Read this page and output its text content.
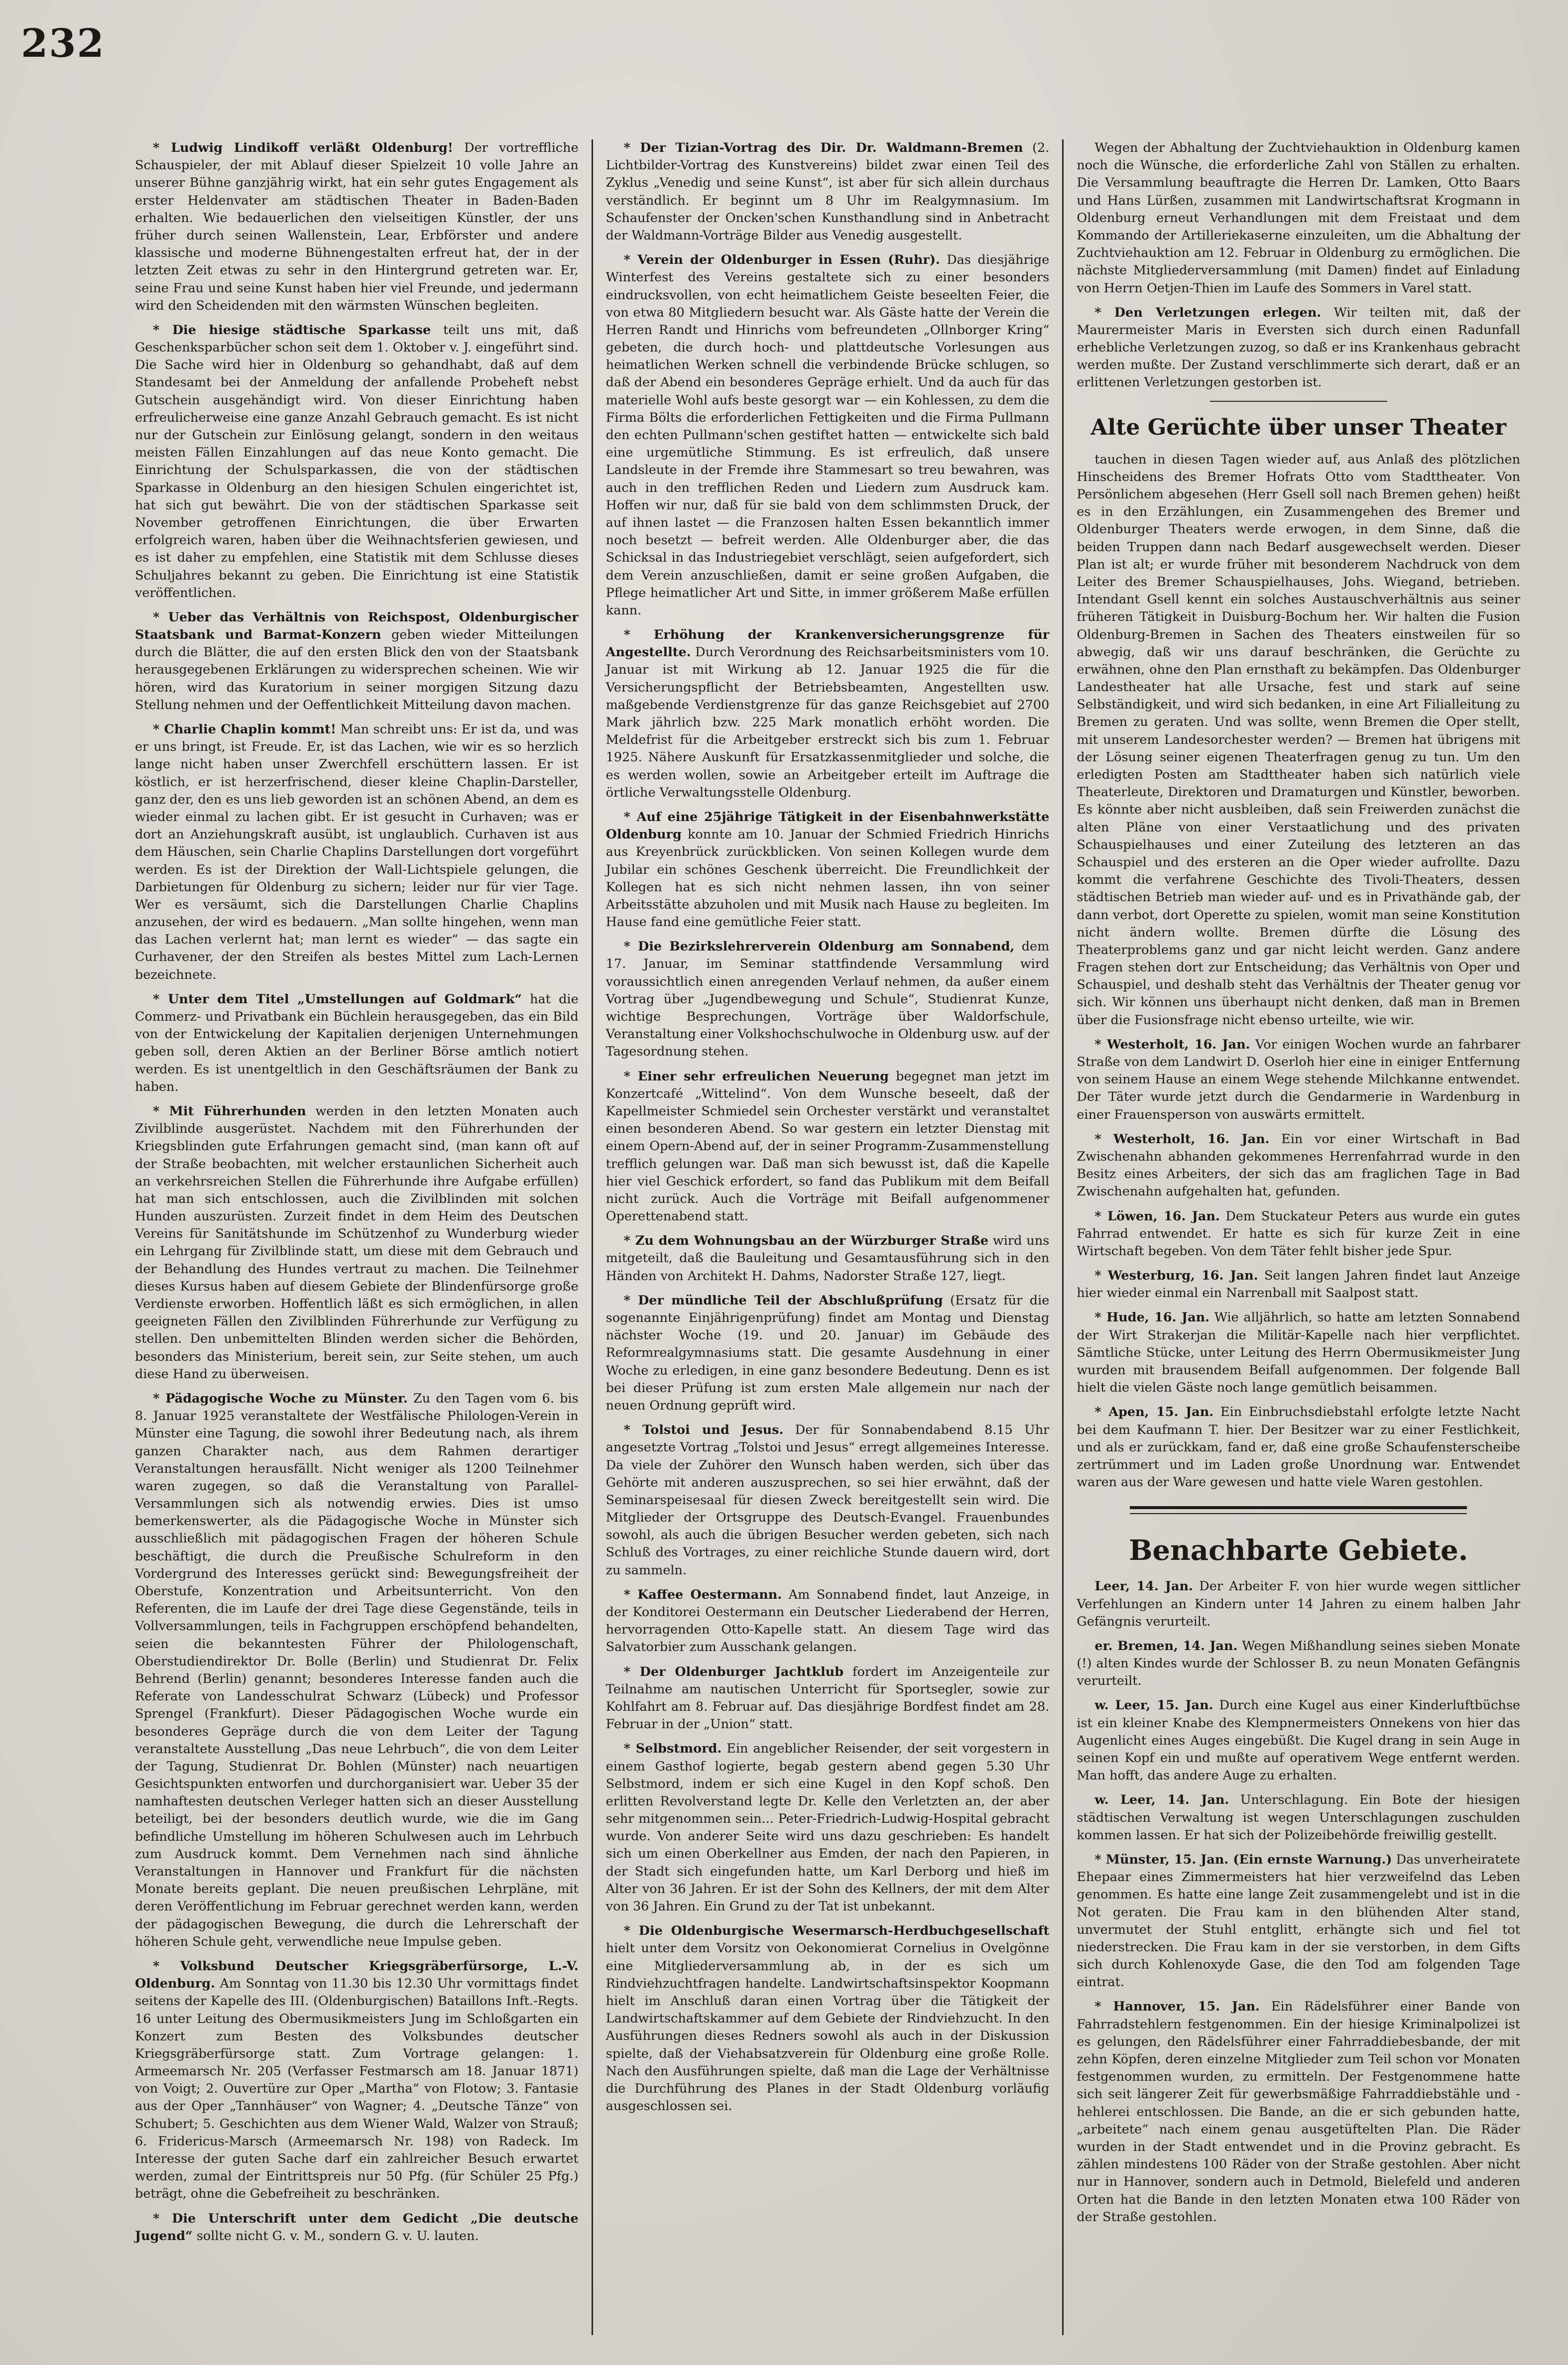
232

* Ludwig Lindikoff verläßt Oldenburg! Der vortreffliche Schauspieler, der mit Ablauf dieser Spielzeit 10 volle Jahre an unserer Bühne ganzjährig wirkt, hat ein sehr gutes Engagement als erster Heldenvater am städtischen Theater in Baden-Baden erhalten. Wie bedauerlichen den vielseitigen Künstler, der uns früher durch seinen Wallenstein, Lear, Erbförster und andere klassische und moderne Bühnengestalten erfreut hat, der in der letzten Zeit etwas zu sehr in den Hintergrund getreten war. Er, seine Frau und seine Kunst haben hier viel Freunde, und jedermann wird den Scheidenden mit den wärmsten Wünschen begleiten.

* Die hiesige städtische Sparkasse teilt uns mit, daß Geschenksparbücher schon seit dem 1. Oktober v. J. eingeführt sind. Die Sache wird hier in Oldenburg so gehandhabt, daß auf dem Standesamt bei der Anmeldung der anfallende Probeheft nebst Gutschein ausgehändigt wird. Von dieser Einrichtung haben erfreulicherweise eine ganze Anzahl Gebrauch gemacht. Es ist nicht nur der Gutschein zur Einlösung gelangt, sondern in den weitaus meisten Fällen Einzahlungen auf das neue Konto gemacht. Die Einrichtung der Schulsparkassen, die von der städtischen Sparkasse in Oldenburg an den hiesigen Schulen eingerichtet ist, hat sich gut bewährt. Die von der städtischen Sparkasse seit November getroffenen Einrichtungen, die über Erwarten erfolgreich waren, haben über die Weihnachtsferien gewiesen, und es ist daher zu empfehlen, eine Statistik mit dem Schlusse dieses Schuljahres bekannt zu geben. Die Einrichtung ist eine Statistik veröffentlichen.

* Ueber das Verhältnis von Reichspost, Oldenburgischer Staatsbank und Barmat-Konzern geben wieder Mitteilungen durch die Blätter, die auf den ersten Blick den von der Staatsbank herausgegebenen Erklärungen zu widersprechen scheinen. Wie wir hören, wird das Kuratorium in seiner morgigen Sitzung dazu Stellung nehmen und der Oeffentlichkeit Mitteilung davon machen.

* Charlie Chaplin kommt! Man schreibt uns: Er ist da, und was er uns bringt, ist Freude. Er, ist das Lachen, wie wir es so herzlich lange nicht haben unser Zwerchfell erschüttern lassen. Er ist köstlich, er ist herzerfrischend, dieser kleine Chaplin-Darsteller, ganz der, den es uns lieb geworden ist an schönen Abend, an dem es wieder einmal zu lachen gibt. Er ist gesucht in Curhaven; was er dort an Anziehungskraft ausübt, ist unglaublich. Curhaven ist aus dem Häuschen, sein Charlie Chaplins Darstellungen dort vorgeführt werden. Es ist der Direktion der Wall-Lichtspiele gelungen, die Darbietungen für Oldenburg zu sichern; leider nur für vier Tage. Wer es versäumt, sich die Darstellungen Charlie Chaplins anzusehen, der wird es bedauern. „Man sollte hingehen, wenn man das Lachen verlernt hat; man lernt es wieder“ — das sagte ein Curhavener, der den Streifen als bestes Mittel zum Lach-Lernen bezeichnete.

* Unter dem Titel „Umstellungen auf Goldmark“ hat die Commerz- und Privatbank ein Büchlein herausgegeben, das ein Bild von der Entwickelung der Kapitalien derjenigen Unternehmungen geben soll, deren Aktien an der Berliner Börse amtlich notiert werden. Es ist unentgeltlich in den Geschäftsräumen der Bank zu haben.

* Mit Führerhunden werden in den letzten Monaten auch Zivilblinde ausgerüstet. Nachdem mit den Führerhunden der Kriegsblinden gute Erfahrungen gemacht sind, (man kann oft auf der Straße beobachten, mit welcher erstaunlichen Sicherheit auch an verkehrsreichen Stellen die Führerhunde ihre Aufgabe erfüllen) hat man sich entschlossen, auch die Zivilblinden mit solchen Hunden auszurüsten. Zurzeit findet in dem Heim des Deutschen Vereins für Sanitätshunde im Schützenhof zu Wunderburg wieder ein Lehrgang für Zivilblinde statt, um diese mit dem Gebrauch und der Behandlung des Hundes vertraut zu machen. Die Teilnehmer dieses Kursus haben auf diesem Gebiete der Blindenfürsorge große Verdienste erworben. Hoffentlich läßt es sich ermöglichen, in allen geeigneten Fällen den Zivilblinden Führerhunde zur Verfügung zu stellen. Den unbemittelten Blinden werden sicher die Behörden, besonders das Ministerium, bereit sein, zur Seite stehen, um auch diese Hand zu überweisen.

* Pädagogische Woche zu Münster. Zu den Tagen vom 6. bis 8. Januar 1925 veranstaltete der Westfälische Philologen-Verein in Münster eine Tagung, die sowohl ihrer Bedeutung nach, als ihrem ganzen Charakter nach, aus dem Rahmen derartiger Veranstaltungen herausfällt. Nicht weniger als 1200 Teilnehmer waren zugegen, so daß die Veranstaltung von Parallel-Versammlungen sich als notwendig erwies. Dies ist umso bemerkenswerter, als die Pädagogische Woche in Münster sich ausschließlich mit pädagogischen Fragen der höheren Schule beschäftigt, die durch die Preußische Schulreform in den Vordergrund des Interesses gerückt sind: Bewegungsfreiheit der Oberstufe, Konzentration und Arbeitsunterricht. Von den Referenten, die im Laufe der drei Tage diese Gegenstände, teils in Vollversammlungen, teils in Fachgruppen erschöpfend behandelten, seien die bekanntesten Führer der Philologenschaft, Oberstudiendirektor Dr. Bolle (Berlin) und Studienrat Dr. Felix Behrend (Berlin) genannt; besonderes Interesse fanden auch die Referate von Landesschulrat Schwarz (Lübeck) und Professor Sprengel (Frankfurt). Dieser Pädagogischen Woche wurde ein besonderes Gepräge durch die von dem Leiter der Tagung veranstaltete Ausstellung „Das neue Lehrbuch“, die von dem Leiter der Tagung, Studienrat Dr. Bohlen (Münster) nach neuartigen Gesichtspunkten entworfen und durchorganisiert war. Ueber 35 der namhaftesten deutschen Verleger hatten sich an dieser Ausstellung beteiligt, bei der besonders deutlich wurde, wie die im Gang befindliche Umstellung im höheren Schulwesen auch im Lehrbuch zum Ausdruck kommt. Dem Vernehmen nach sind ähnliche Veranstaltungen in Hannover und Frankfurt für die nächsten Monate bereits geplant. Die neuen preußischen Lehrpläne, mit deren Veröffentlichung im Februar gerechnet werden kann, werden der pädagogischen Bewegung, die durch die Lehrerschaft der höheren Schule geht, verwendliche neue Impulse geben.

* Volksbund Deutscher Kriegsgräberfürsorge, L.-V. Oldenburg. Am Sonntag von 11.30 bis 12.30 Uhr vormittags findet seitens der Kapelle des III. (Oldenburgischen) Bataillons Inft.-Regts. 16 unter Leitung des Obermusikmeisters Jung im Schloßgarten ein Konzert zum Besten des Volksbundes deutscher Kriegsgräberfürsorge statt. Zum Vortrage gelangen: 1. Armeemarsch Nr. 205 (Verfasser Festmarsch am 18. Januar 1871) von Voigt; 2. Ouvertüre zur Oper „Martha“ von Flotow; 3. Fantasie aus der Oper „Tannhäuser“ von Wagner; 4. „Deutsche Tänze“ von Schubert; 5. Geschichten aus dem Wiener Wald, Walzer von Strauß; 6. Fridericus-Marsch (Armeemarsch Nr. 198) von Radeck. Im Interesse der guten Sache darf ein zahlreicher Besuch erwartet werden, zumal der Eintrittspreis nur 50 Pfg. (für Schüler 25 Pfg.) beträgt, ohne die Gebefreiheit zu beschränken.

* Die Unterschrift unter dem Gedicht „Die deutsche Jugend“ sollte nicht G. v. M., sondern G. v. U. lauten.

* Der Tizian-Vortrag des Dir. Dr. Waldmann-Bremen (2. Lichtbilder-Vortrag des Kunstvereins) bildet zwar einen Teil des Zyklus „Venedig und seine Kunst“, ist aber für sich allein durchaus verständlich. Er beginnt um 8 Uhr im Realgymnasium. Im Schaufenster der Oncken'schen Kunsthandlung sind in Anbetracht der Waldmann-Vorträge Bilder aus Venedig ausgestellt.

* Verein der Oldenburger in Essen (Ruhr). Das diesjährige Winterfest des Vereins gestaltete sich zu einer besonders eindrucksvollen, von echt heimatlichem Geiste beseelten Feier, die von etwa 80 Mitgliedern besucht war. Als Gäste hatte der Verein die Herren Randt und Hinrichs vom befreundeten „Ollnborger Kring“ gebeten, die durch hoch- und plattdeutsche Vorlesungen aus heimatlichen Werken schnell die verbindende Brücke schlugen, so daß der Abend ein besonderes Gepräge erhielt. Und da auch für das materielle Wohl aufs beste gesorgt war — ein Kohlessen, zu dem die Firma Bölts die erforderlichen Fettigkeiten und die Firma Pullmann den echten Pullmann'schen gestiftet hatten — entwickelte sich bald eine urgemütliche Stimmung. Es ist erfreulich, daß unsere Landsleute in der Fremde ihre Stammesart so treu bewahren, was auch in den trefflichen Reden und Liedern zum Ausdruck kam. Hoffen wir nur, daß für sie bald von dem schlimmsten Druck, der auf ihnen lastet — die Franzosen halten Essen bekanntlich immer noch besetzt — befreit werden. Alle Oldenburger aber, die das Schicksal in das Industriegebiet verschlägt, seien aufgefordert, sich dem Verein anzuschließen, damit er seine großen Aufgaben, die Pflege heimatlicher Art und Sitte, in immer größerem Maße erfüllen kann.

* Erhöhung der Krankenversicherungsgrenze für Angestellte. Durch Verordnung des Reichsarbeitsministers vom 10. Januar ist mit Wirkung ab 12. Januar 1925 die für die Versicherungspflicht der Betriebsbeamten, Angestellten usw. maßgebende Verdienstgrenze für das ganze Reichsgebiet auf 2700 Mark jährlich bzw. 225 Mark monatlich erhöht worden. Die Meldefrist für die Arbeitgeber erstreckt sich bis zum 1. Februar 1925. Nähere Auskunft für Ersatzkassenmitglieder und solche, die es werden wollen, sowie an Arbeitgeber erteilt im Auftrage die örtliche Verwaltungsstelle Oldenburg.

* Auf eine 25jährige Tätigkeit in der Eisenbahnwerkstätte Oldenburg konnte am 10. Januar der Schmied Friedrich Hinrichs aus Kreyenbrück zurückblicken. Von seinen Kollegen wurde dem Jubilar ein schönes Geschenk überreicht. Die Freundlichkeit der Kollegen hat es sich nicht nehmen lassen, ihn von seiner Arbeitsstätte abzuholen und mit Musik nach Hause zu begleiten. Im Hause fand eine gemütliche Feier statt.

* Die Bezirkslehrerverein Oldenburg am Sonnabend, dem 17. Januar, im Seminar stattfindende Versammlung wird voraussichtlich einen anregenden Verlauf nehmen, da außer einem Vortrag über „Jugendbewegung und Schule“, Studienrat Kunze, wichtige Besprechungen, Vorträge über Waldorfschule, Veranstaltung einer Volkshochschulwoche in Oldenburg usw. auf der Tagesordnung stehen.

* Einer sehr erfreulichen Neuerung begegnet man jetzt im Konzertcafé „Wittelind“. Von dem Wunsche beseelt, daß der Kapellmeister Schmiedel sein Orchester verstärkt und veranstaltet einen besonderen Abend. So war gestern ein letzter Dienstag mit einem Opern-Abend auf, der in seiner Programm-Zusammenstellung trefflich gelungen war. Daß man sich bewusst ist, daß die Kapelle hier viel Geschick erfordert, so fand das Publikum mit dem Beifall nicht zurück. Auch die Vorträge mit Beifall aufgenommener Operettenabend statt.

* Zu dem Wohnungsbau an der Würzburger Straße wird uns mitgeteilt, daß die Bauleitung und Gesamtausführung sich in den Händen von Architekt H. Dahms, Nadorster Straße 127, liegt.

* Der mündliche Teil der Abschlußprüfung (Ersatz für die sogenannte Einjährigenprüfung) findet am Montag und Dienstag nächster Woche (19. und 20. Januar) im Gebäude des Reformrealgymnasiums statt. Die gesamte Ausdehnung in einer Woche zu erledigen, in eine ganz besondere Bedeutung. Denn es ist bei dieser Prüfung ist zum ersten Male allgemein nur nach der neuen Ordnung geprüft wird.

* Tolstoi und Jesus. Der für Sonnabendabend 8.15 Uhr angesetzte Vortrag „Tolstoi und Jesus“ erregt allgemeines Interesse. Da viele der Zuhörer den Wunsch haben werden, sich über das Gehörte mit anderen auszusprechen, so sei hier erwähnt, daß der Seminarspeisesaal für diesen Zweck bereitgestellt sein wird. Die Mitglieder der Ortsgruppe des Deutsch-Evangel. Frauenbundes sowohl, als auch die übrigen Besucher werden gebeten, sich nach Schluß des Vortrages, zu einer reichliche Stunde dauern wird, dort zu sammeln.

* Kaffee Oestermann. Am Sonnabend findet, laut Anzeige, in der Konditorei Oestermann ein Deutscher Liederabend der Herren, hervorragenden Otto-Kapelle statt. An diesem Tage wird das Salvatorbier zum Ausschank gelangen.

* Der Oldenburger Jachtklub fordert im Anzeigenteile zur Teilnahme am nautischen Unterricht für Sportsegler, sowie zur Kohlfahrt am 8. Februar auf. Das diesjährige Bordfest findet am 28. Februar in der „Union“ statt.

* Selbstmord. Ein angeblicher Reisender, der seit vorgestern in einem Gasthof logierte, begab gestern abend gegen 5.30 Uhr Selbstmord, indem er sich eine Kugel in den Kopf schoß. Den erlitten Revolverstand legte Dr. Kelle den Verletzten an, der aber sehr mitgenommen sein... Peter-Friedrich-Ludwig-Hospital gebracht wurde. Von anderer Seite wird uns dazu geschrieben: Es handelt sich um einen Oberkellner aus Emden, der nach den Papieren, in der Stadt sich eingefunden hatte, um Karl Derborg und hieß im Alter von 36 Jahren. Er ist der Sohn des Kellners, der mit dem Alter von 36 Jahren. Ein Grund zu der Tat ist unbekannt.

* Die Oldenburgische Wesermarsch-Herdbuchgesellschaft hielt unter dem Vorsitz von Oekonomierat Cornelius in Ovelgönne eine Mitgliederversammlung ab, in der es sich um Rindviehzuchtfragen handelte. Landwirtschaftsinspektor Koopmann hielt im Anschluß daran einen Vortrag über die Tätigkeit der Landwirtschaftskammer auf dem Gebiete der Rindviehzucht. In den Ausführungen dieses Redners sowohl als auch in der Diskussion spielte, daß der Viehabsatzverein für Oldenburg eine große Rolle. Nach den Ausführungen spielte, daß man die Lage der Verhältnisse die Durchführung des Planes in der Stadt Oldenburg vorläufig ausgeschlossen sei.

Wegen der Abhaltung der Zuchtviehauktion in Oldenburg kamen noch die Wünsche, die erforderliche Zahl von Ställen zu erhalten. Die Versammlung beauftragte die Herren Dr. Lamken, Otto Baars und Hans Lürßen, zusammen mit Landwirtschaftsrat Krogmann in Oldenburg erneut Verhandlungen mit dem Freistaat und dem Kommando der Artilleriekaserne einzuleiten, um die Abhaltung der Zuchtviehauktion am 12. Februar in Oldenburg zu ermöglichen. Die nächste Mitgliederversammlung (mit Damen) findet auf Einladung von Herrn Oetjen-Thien im Laufe des Sommers in Varel statt.

* Den Verletzungen erlegen. Wir teilten mit, daß der Maurermeister Maris in Eversten sich durch einen Radunfall erhebliche Verletzungen zuzog, so daß er ins Krankenhaus gebracht werden mußte. Der Zustand verschlimmerte sich derart, daß er an erlittenen Verletzungen gestorben ist.

Alte Gerüchte über unser Theater

tauchen in diesen Tagen wieder auf, aus Anlaß des plötzlichen Hinscheidens des Bremer Hofrats Otto vom Stadttheater. Von Persönlichem abgesehen (Herr Gsell soll nach Bremen gehen) heißt es in den Erzählungen, ein Zusammengehen des Bremer und Oldenburger Theaters werde erwogen, in dem Sinne, daß die beiden Truppen dann nach Bedarf ausgewechselt werden. Dieser Plan ist alt; er wurde früher mit besonderem Nachdruck von dem Leiter des Bremer Schauspielhauses, Johs. Wiegand, betrieben. Intendant Gsell kennt ein solches Austauschverhältnis aus seiner früheren Tätigkeit in Duisburg-Bochum her. Wir halten die Fusion Oldenburg-Bremen in Sachen des Theaters einstweilen für so abwegig, daß wir uns darauf beschränken, die Gerüchte zu erwähnen, ohne den Plan ernsthaft zu bekämpfen. Das Oldenburger Landestheater hat alle Ursache, fest und stark auf seine Selbständigkeit, und wird sich bedanken, in eine Art Filialleitung zu Bremen zu geraten. Und was sollte, wenn Bremen die Oper stellt, mit unserem Landesorchester werden? — Bremen hat übrigens mit der Lösung seiner eigenen Theaterfragen genug zu tun. Um den erledigten Posten am Stadttheater haben sich natürlich viele Theaterleute, Direktoren und Dramaturgen und Künstler, beworben. Es könnte aber nicht ausbleiben, daß sein Freiwerden zunächst die alten Pläne von einer Verstaatlichung und des privaten Schauspielhauses und einer Zuteilung des letzteren an das Schauspiel und des ersteren an die Oper wieder aufrollte. Dazu kommt die verfahrene Geschichte des Tivoli-Theaters, dessen städtischen Betrieb man wieder auf- und es in Privathände gab, der dann verbot, dort Operette zu spielen, womit man seine Konstitution nicht ändern wollte. Bremen dürfte die Lösung des Theaterproblems ganz und gar nicht leicht werden. Ganz andere Fragen stehen dort zur Entscheidung; das Verhältnis von Oper und Schauspiel, und deshalb steht das Verhältnis der Theater genug vor sich. Wir können uns überhaupt nicht denken, daß man in Bremen über die Fusionsfrage nicht ebenso urteilte, wie wir.

* Westerholt, 16. Jan. Vor einigen Wochen wurde an fahrbarer Straße von dem Landwirt D. Oserloh hier eine in einiger Entfernung von seinem Hause an einem Wege stehende Milchkanne entwendet. Der Täter wurde jetzt durch die Gendarmerie in Wardenburg in einer Frauensperson von auswärts ermittelt.

* Westerholt, 16. Jan. Ein vor einer Wirtschaft in Bad Zwischenahn abhanden gekommenes Herrenfahrrad wurde in den Besitz eines Arbeiters, der sich das am fraglichen Tage in Bad Zwischenahn aufgehalten hat, gefunden.

* Löwen, 16. Jan. Dem Stuckateur Peters aus wurde ein gutes Fahrrad entwendet. Er hatte es sich für kurze Zeit in eine Wirtschaft begeben. Von dem Täter fehlt bisher jede Spur.

* Westerburg, 16. Jan. Seit langen Jahren findet laut Anzeige hier wieder einmal ein Narrenball mit Saalpost statt.

* Hude, 16. Jan. Wie alljährlich, so hatte am letzten Sonnabend der Wirt Strakerjan die Militär-Kapelle nach hier verpflichtet. Sämtliche Stücke, unter Leitung des Herrn Obermusikmeister Jung wurden mit brausendem Beifall aufgenommen. Der folgende Ball hielt die vielen Gäste noch lange gemütlich beisammen.

* Apen, 15. Jan. Ein Einbruchsdiebstahl erfolgte letzte Nacht bei dem Kaufmann T. hier. Der Besitzer war zu einer Festlichkeit, und als er zurückkam, fand er, daß eine große Schaufensterscheibe zertrümmert und im Laden große Unordnung war. Entwendet waren aus der Ware gewesen und hatte viele Waren gestohlen.

Benachbarte Gebiete.

Leer, 14. Jan. Der Arbeiter F. von hier wurde wegen sittlicher Verfehlungen an Kindern unter 14 Jahren zu einem halben Jahr Gefängnis verurteilt.

er. Bremen, 14. Jan. Wegen Mißhandlung seines sieben Monate (!) alten Kindes wurde der Schlosser B. zu neun Monaten Gefängnis verurteilt.

w. Leer, 15. Jan. Durch eine Kugel aus einer Kinderluftbüchse ist ein kleiner Knabe des Klempnermeisters Onnekens von hier das Augenlicht eines Auges eingebüßt. Die Kugel drang in sein Auge in seinen Kopf ein und mußte auf operativem Wege entfernt werden. Man hofft, das andere Auge zu erhalten.

w. Leer, 14. Jan. Unterschlagung. Ein Bote der hiesigen städtischen Verwaltung ist wegen Unterschlagungen zuschulden kommen lassen. Er hat sich der Polizeibehörde freiwillig gestellt.

* Münster, 15. Jan. (Ein ernste Warnung.) Das unverheiratete Ehepaar eines Zimmermeisters hat hier verzweifelnd das Leben genommen. Es hatte eine lange Zeit zusammengelebt und ist in die Not geraten. Die Frau kam in den blühenden Alter stand, unvermutet der Stuhl entglitt, erhängte sich und fiel tot niederstrecken. Die Frau kam in der sie verstorben, in dem Gifts sich durch Kohlenoxyde Gase, die den Tod am folgenden Tage eintrat.

* Hannover, 15. Jan. Ein Rädelsführer einer Bande von Fahrradstehlern festgenommen. Ein der hiesige Kriminalpolizei ist es gelungen, den Rädelsführer einer Fahrraddiebesbande, der mit zehn Köpfen, deren einzelne Mitglieder zum Teil schon vor Monaten festgenommen wurden, zu ermitteln. Der Festgenommene hatte sich seit längerer Zeit für gewerbsmäßige Fahrraddiebstähle und -hehlerei entschlossen. Die Bande, an die er sich gebunden hatte, „arbeitete“ nach einem genau ausgetüftelten Plan. Die Räder wurden in der Stadt entwendet und in die Provinz gebracht. Es zählen mindestens 100 Räder von der Straße gestohlen. Aber nicht nur in Hannover, sondern auch in Detmold, Bielefeld und anderen Orten hat die Bande in den letzten Monaten etwa 100 Räder von der Straße gestohlen.
